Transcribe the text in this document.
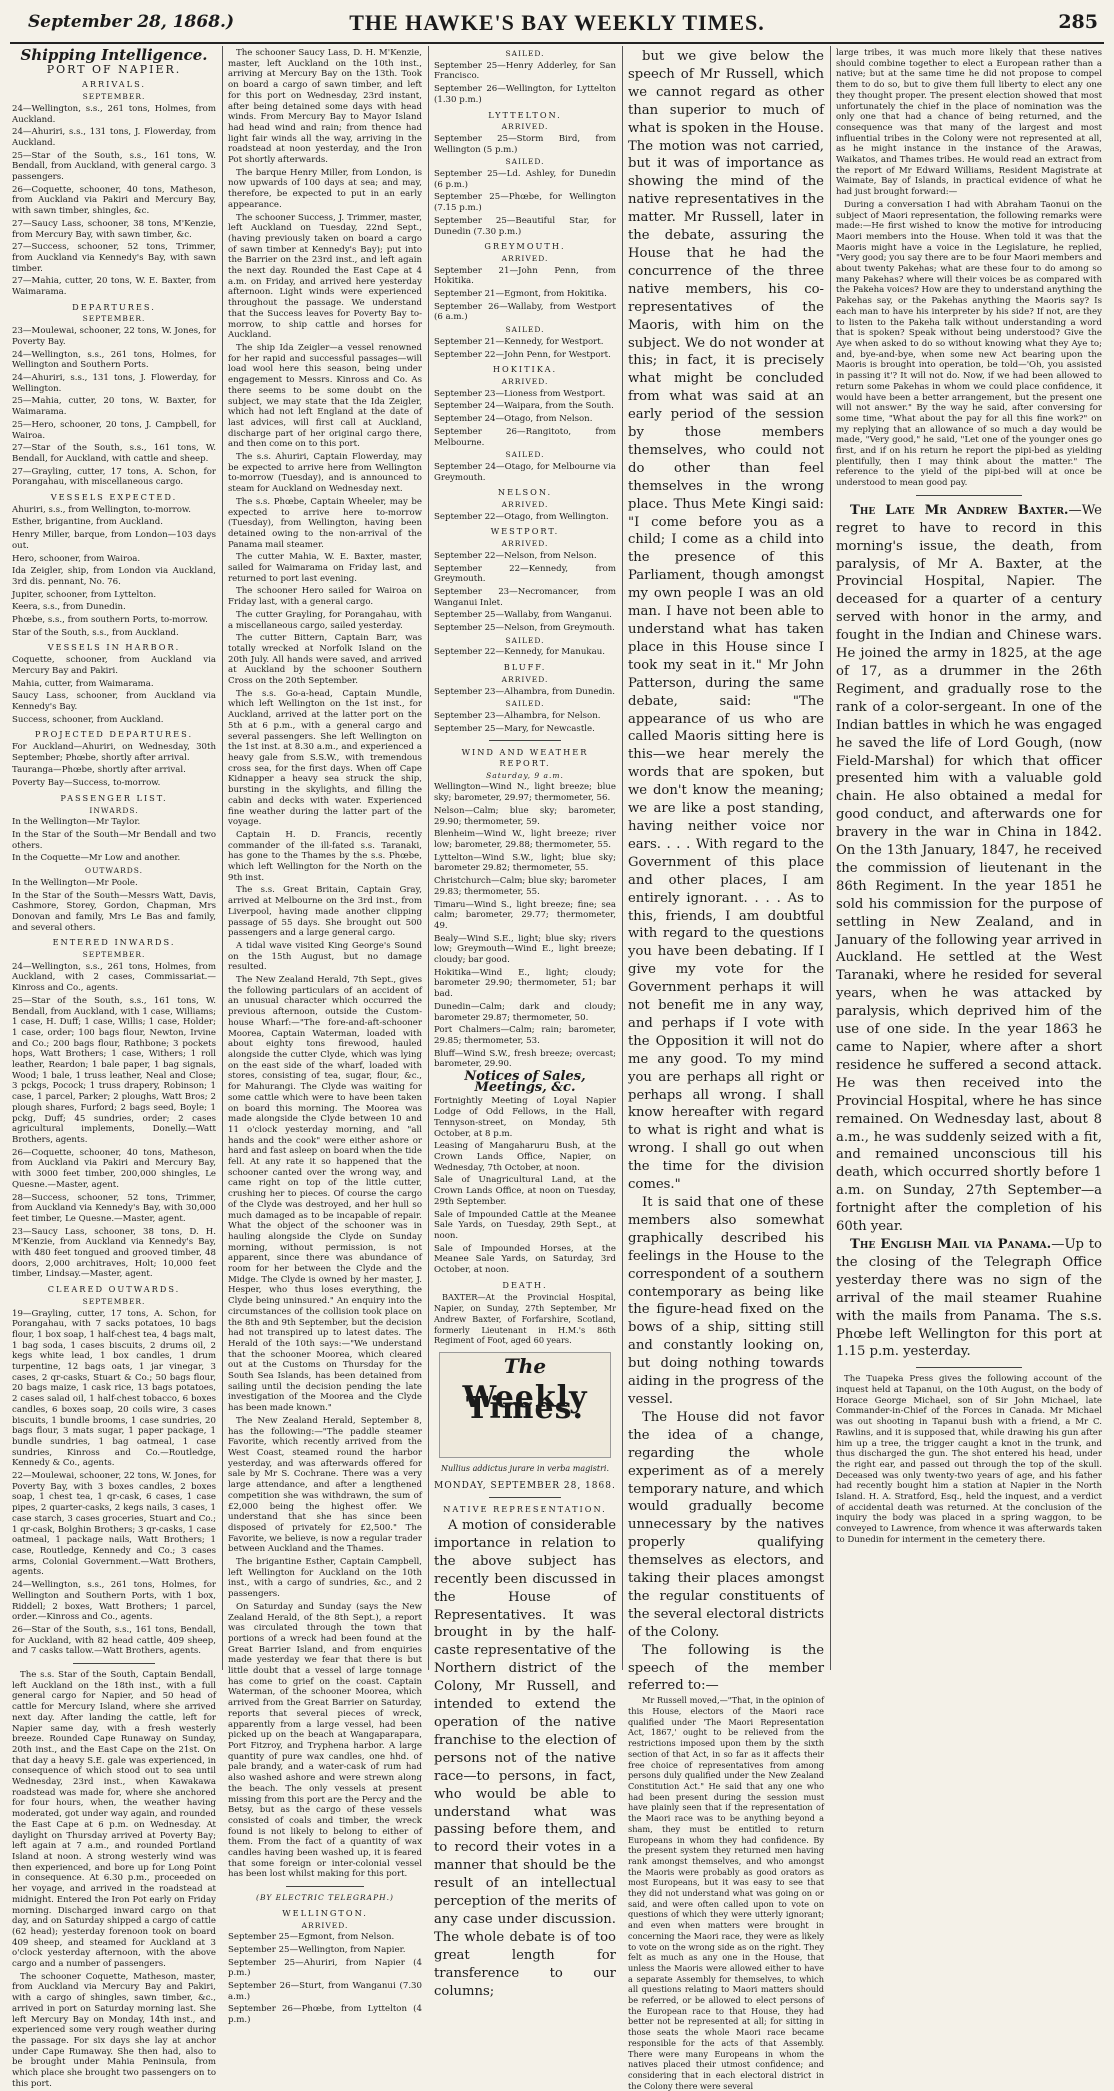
September 28, 1868.)	THE HAWKE'S BAY WEEKLY TIMES.	285
Shipping Intelligence.
PORT OF NAPIER.
ARRIVALS.
SEPTEMBER.

24—Wellington, s.s., 261 tons, Holmes, from Auckland.

24—Ahuriri, s.s., 131 tons, J. Flowerday, from Auckland.

25—Star of the South, s.s., 161 tons, W. Bendall, from Auckland, with general cargo. 3 passengers.

26—Coquette, schooner, 40 tons, Matheson, from Auckland via Pakiri and Mercury Bay, with sawn timber, shingles, &c.

27—Saucy Lass, schooner, 38 tons, M'Kenzie, from Mercury Bay, with sawn timber, &c.

27—Success, schooner, 52 tons, Trimmer, from Auckland via Kennedy's Bay, with sawn timber.

27—Mahia, cutter, 20 tons, W. E. Baxter, from Waimarama.

DEPARTURES.
SEPTEMBER.

23—Moulewai, schooner, 22 tons, W. Jones, for Poverty Bay.

24—Wellington, s.s., 261 tons, Holmes, for Wellington and Southern Ports.

24—Ahuriri, s.s., 131 tons, J. Flowerday, for Wellington.

25—Mahia, cutter, 20 tons, W. Baxter, for Waimarama.

25—Hero, schooner, 20 tons, J. Campbell, for Wairoa.

27—Star of the South, s.s., 161 tons, W. Bendall, for Auckland, with cattle and sheep.

27—Grayling, cutter, 17 tons, A. Schon, for Porangahau, with miscellaneous cargo.

VESSELS EXPECTED.

Ahuriri, s.s., from Wellington, to-morrow.

Esther, brigantine, from Auckland.

Henry Miller, barque, from London—103 days out.

Hero, schooner, from Wairoa.

Ida Zeigler, ship, from London via Auckland, 3rd dis. pennant, No. 76.

Jupiter, schooner, from Lyttelton.

Keera, s.s., from Dunedin.

Phœbe, s.s., from southern Ports, to-morrow.

Star of the South, s.s., from Auckland.

VESSELS IN HARBOR.

Coquette, schooner, from Auckland via Mercury Bay and Pakiri.

Mahia, cutter, from Waimarama.

Saucy Lass, schooner, from Auckland via Kennedy's Bay.

Success, schooner, from Auckland.

PROJECTED DEPARTURES.

For Auckland—Ahuriri, on Wednesday, 30th September; Phœbe, shortly after arrival.

Tauranga—Phœbe, shortly after arrival.

Poverty Bay—Success, to-morrow.

PASSENGER LIST.
INWARDS.

In the Wellington—Mr Taylor.

In the Star of the South—Mr Bendall and two others.

In the Coquette—Mr Low and another.

OUTWARDS.

In the Wellington—Mr Poole.

In the Star of the South—Messrs Watt, Davis, Cashmore, Storey, Gordon, Chapman, Mrs Donovan and family, Mrs Le Bas and family, and several others.

ENTERED INWARDS.
SEPTEMBER.

24—Wellington, s.s., 261 tons, Holmes, from Auckland, with 2 cases, Commissariat.—Kinross and Co., agents.

25—Star of the South, s.s., 161 tons, W. Bendall, from Auckland, with 1 case, Williams; 1 case, H. Duff; 1 case, Willis; 1 case, Holder; 1 case, order; 100 bags flour, Newton, Irvine and Co.; 200 bags flour, Rathbone; 3 pockets hops, Watt Brothers; 1 case, Withers; 1 roll leather, Reardon; 1 bale paper, 1 bag signals, Wood; 1 bale, 1 truss leather, Neal and Close; 3 pckgs, Pocock; 1 truss drapery, Robinson; 1 case, 1 parcel, Parker; 2 ploughs, Watt Bros; 2 plough shares, Furford; 2 bags seed, Boyle; 1 pckg, Duff; 45 sundries, order; 2 cases agricultural implements, Donelly.—Watt Brothers, agents.

26—Coquette, schooner, 40 tons, Matheson, from Auckland via Pakiri and Mercury Bay, with 3000 feet timber, 200,000 shingles, Le Quesne.—Master, agent.

28—Success, schooner, 52 tons, Trimmer, from Auckland via Kennedy's Bay, with 30,000 feet timber, Le Quesne.—Master, agent.

23—Saucy Lass, schooner, 38 tons, D. H. M'Kenzie, from Auckland via Kennedy's Bay, with 480 feet tongued and grooved timber, 48 doors, 2,000 architraves, Holt; 10,000 feet timber, Lindsay.—Master, agent.

CLEARED OUTWARDS.
SEPTEMBER.

19—Grayling, cutter, 17 tons, A. Schon, for Porangahau, with 7 sacks potatoes, 10 bags flour, 1 box soap, 1 half-chest tea, 4 bags malt, 1 bag soda, 1 cases biscuits, 2 drums oil, 2 kegs white lead, 1 box candles, 1 drum turpentine, 12 bags oats, 1 jar vinegar, 3 cases, 2 qr-casks, Stuart & Co.; 50 bags flour, 20 bags maize, 1 cask rice, 13 bags potatoes, 2 cases salad oil, 1 half-chest tobacco, 6 boxes candles, 6 boxes soap, 20 coils wire, 3 cases biscuits, 1 bundle brooms, 1 case sundries, 20 bags flour, 3 mats sugar, 1 paper package, 1 bundle sundries, 1 bag oatmeal, 1 case sundries, Kinross and Co.—Routledge, Kennedy & Co., agents.

22—Moulewai, schooner, 22 tons, W. Jones, for Poverty Bay, with 3 boxes candles, 2 boxes soap, 1 chest tea, 1 qr-cask, 6 cases, 1 case pipes, 2 quarter-casks, 2 kegs nails, 3 cases, 1 case starch, 3 cases groceries, Stuart and Co.; 1 qr-cask, Bolghin Brothers; 3 qr-casks, 1 case oatmeal, 1 package nails, Watt Brothers; 1 case, Routledge, Kennedy and Co.; 3 cases arms, Colonial Government.—Watt Brothers, agents.

24—Wellington, s.s., 261 tons, Holmes, for Wellington and Southern Ports, with 1 box, Riddell; 2 boxes, Watt Brothers; 1 parcel, order.—Kinross and Co., agents.

26—Star of the South, s.s., 161 tons, Bendall, for Auckland, with 82 head cattle, 409 sheep, and 7 casks tallow.—Watt Brothers, agents.

The s.s. Star of the South, Captain Bendall, left Auckland on the 18th inst., with a full general cargo for Napier, and 50 head of cattle for Mercury Island, where she arrived next day. After landing the cattle, left for Napier same day, with a fresh westerly breeze. Rounded Cape Runaway on Sunday, 20th inst., and the East Cape on the 21st. On that day a heavy S.E. gale was experienced, in consequence of which stood out to sea until Wednesday, 23rd inst., when Kawakawa roadstead was made for, where she anchored for four hours, when, the weather having moderated, got under way again, and rounded the East Cape at 6 p.m. on Wednesday. At daylight on Thursday arrived at Poverty Bay; left again at 7 a.m., and rounded Portland Island at noon. A strong westerly wind was then experienced, and bore up for Long Point in consequence. At 6.30 p.m., proceeded on her voyage, and arrived in the roadstead at midnight. Entered the Iron Pot early on Friday morning. Discharged inward cargo on that day, and on Saturday shipped a cargo of cattle (62 head); yesterday forenoon took on board 409 sheep, and steamed for Auckland at 3 o'clock yesterday afternoon, with the above cargo and a number of passengers.

The schooner Coquette, Matheson, master, from Auckland via Mercury Bay and Pakiri, with a cargo of shingles, sawn timber, &c., arrived in port on Saturday morning last. She left Mercury Bay on Monday, 14th inst., and experienced some very rough weather during the passage. For six days she lay at anchor under Cape Rumaway. She then had, also to be brought under Mahia Peninsula, from which place she brought two passengers on to this port.

The schooner Saucy Lass, D. H. M'Kenzie, master, left Auckland on the 10th inst., arriving at Mercury Bay on the 13th. Took on board a cargo of sawn timber, and left for this port on Wednesday, 23rd instant, after being detained some days with head winds. From Mercury Bay to Mayor Island had head wind and rain; from thence had light fair winds all the way, arriving in the roadstead at noon yesterday, and the Iron Pot shortly afterwards.

The barque Henry Miller, from London, is now upwards of 100 days at sea; and may, therefore, be expected to put in an early appearance.

The schooner Success, J. Trimmer, master, left Auckland on Tuesday, 22nd Sept., (having previously taken on board a cargo of sawn timber at Kennedy's Bay); put into the Barrier on the 23rd inst., and left again the next day. Rounded the East Cape at 4 a.m. on Friday, and arrived here yesterday afternoon. Light winds were experienced throughout the passage. We understand that the Success leaves for Poverty Bay to-morrow, to ship cattle and horses for Auckland.

The ship Ida Zeigler—a vessel renowned for her rapid and successful passages—will load wool here this season, being under engagement to Messrs. Kinross and Co. As there seems to be some doubt on the subject, we may state that the Ida Zeigler, which had not left England at the date of last advices, will first call at Auckland, discharge part of her original cargo there, and then come on to this port.

The s.s. Ahuriri, Captain Flowerday, may be expected to arrive here from Wellington to-morrow (Tuesday), and is announced to steam for Auckland on Wednesday next.

The s.s. Phœbe, Captain Wheeler, may be expected to arrive here to-morrow (Tuesday), from Wellington, having been detained owing to the non-arrival of the Panama mail steamer.

The cutter Mahia, W. E. Baxter, master, sailed for Waimarama on Friday last, and returned to port last evening.

The schooner Hero sailed for Wairoa on Friday last, with a general cargo.

The cutter Grayling, for Porangahau, with a miscellaneous cargo, sailed yesterday.

The cutter Bittern, Captain Barr, was totally wrecked at Norfolk Island on the 20th July. All hands were saved, and arrived at Auckland by the schooner Southern Cross on the 20th September.

The s.s. Go-a-head, Captain Mundle, which left Wellington on the 1st inst., for Auckland, arrived at the latter port on the 5th at 6 p.m., with a general cargo and several passengers. She left Wellington on the 1st inst. at 8.30 a.m., and experienced a heavy gale from S.S.W., with tremendous cross sea, for the first days. When off Cape Kidnapper a heavy sea struck the ship, bursting in the skylights, and filling the cabin and decks with water. Experienced fine weather during the latter part of the voyage.

Captain H. D. Francis, recently commander of the ill-fated s.s. Taranaki, has gone to the Thames by the s.s. Phœbe, which left Wellington for the North on the 9th inst.

The s.s. Great Britain, Captain Gray, arrived at Melbourne on the 3rd inst., from Liverpool, having made another clipping passage of 55 days. She brought out 500 passengers and a large general cargo.

A tidal wave visited King George's Sound on the 15th August, but no damage resulted.

The New Zealand Herald, 7th Sept., gives the following particulars of an accident of an unusual character which occurred the previous afternoon, outside the Custom-house Wharf:—"The fore-and-aft-schooner Moorea, Captain Waterman, loaded with about eighty tons firewood, hauled alongside the cutter Clyde, which was lying on the east side of the wharf, loaded with stores, consisting of tea, sugar, flour, &c., for Mahurangi. The Clyde was waiting for some cattle which were to have been taken on board this morning. The Moorea was made alongside the Clyde between 10 and 11 o'clock yesterday morning, and "all hands and the cook" were either ashore or hard and fast asleep on board when the tide fell. At any rate it so happened that the schooner canted over the wrong way, and came right on top of the little cutter, crushing her to pieces. Of course the cargo of the Clyde was destroyed, and her hull so much damaged as to be incapable of repair. What the object of the schooner was in hauling alongside the Clyde on Sunday morning, without permission, is not apparent, since there was abundance of room for her between the Clyde and the Midge. The Clyde is owned by her master, J. Hesper, who thus loses everything, the Clyde being uninsured." An enquiry into the circumstances of the collision took place on the 8th and 9th September, but the decision had not transpired up to latest dates. The Herald of the 10th says:—"We understand that the schooner Moorea, which cleared out at the Customs on Thursday for the South Sea Islands, has been detained from sailing until the decision pending the late investigation of the Moorea and the Clyde has been made known."

The New Zealand Herald, September 8, has the following:—"The paddle steamer Favorite, which recently arrived from the West Coast, steamed round the harbor yesterday, and was afterwards offered for sale by Mr S. Cochrane. There was a very large attendance, and after a lengthened competition she was withdrawn, the sum of £2,000 being the highest offer. We understand that she has since been disposed of privately for £2,500." The Favorite, we believe, is now a regular trader between Auckland and the Thames.

The brigantine Esther, Captain Campbell, left Wellington for Auckland on the 10th inst., with a cargo of sundries, &c., and 2 passengers.

On Saturday and Sunday (says the New Zealand Herald, of the 8th Sept.), a report was circulated through the town that portions of a wreck had been found at the Great Barrier Island, and from enquiries made yesterday we fear that there is but little doubt that a vessel of large tonnage has come to grief on the coast. Captain Waterman, of the schooner Moorea, which arrived from the Great Barrier on Saturday, reports that several pieces of wreck, apparently from a large vessel, had been picked up on the beach at Wangaparapara, Port Fitzroy, and Tryphena harbor. A large quantity of pure wax candles, one hhd. of pale brandy, and a water-cask of rum had also washed ashore and were strewn along the beach. The only vessels at present missing from this port are the Percy and the Betsy, but as the cargo of these vessels consisted of coals and timber, the wreck found is not likely to belong to either of them. From the fact of a quantity of wax candles having been washed up, it is feared that some foreign or inter-colonial vessel has been lost whilst making for this port.

(BY ELECTRIC TELEGRAPH.)
WELLINGTON.
ARRIVED.

September 25—Egmont, from Nelson.

September 25—Wellington, from Napier.

September 25—Ahuriri, from Napier (4 p.m.)

September 26—Sturt, from Wanganui (7.30 a.m.)

September 26—Phœbe, from Lyttelton (4 p.m.)

SAILED.

September 25—Henry Adderley, for San Francisco.

September 26—Wellington, for Lyttelton (1.30 p.m.)

LYTTELTON.
ARRIVED.

September 25—Storm Bird, from Wellington (5 p.m.)

SAILED.

September 25—Ld. Ashley, for Dunedin (6 p.m.)

September 25—Phœbe, for Wellington (7.15 p.m.)

September 25—Beautiful Star, for Dunedin (7.30 p.m.)

GREYMOUTH.
ARRIVED.

September 21—John Penn, from Hokitika.

September 21—Egmont, from Hokitika.

September 26—Wallaby, from Westport (6 a.m.)

SAILED.

September 21—Kennedy, for Westport.

September 22—John Penn, for Westport.

HOKITIKA.
ARRIVED.

September 23—Lioness from Westport.

September 24—Waipara, from the South.

September 24—Otago, from Nelson.

September 26—Rangitoto, from Melbourne.

SAILED.

September 24—Otago, for Melbourne via Greymouth.

NELSON.
ARRIVED.

September 22—Otago, from Wellington.

WESTPORT.
ARRIVED.

September 22—Nelson, from Nelson.

September 22—Kennedy, from Greymouth.

September 23—Necromancer, from Wanganui Inlet.

September 25—Wallaby, from Wanganui.

September 25—Nelson, from Greymouth.

SAILED.

September 22—Kennedy, for Manukau.

BLUFF.
ARRIVED.

September 23—Alhambra, from Dunedin.

SAILED.

September 23—Alhambra, for Nelson.

September 25—Mary, for Newcastle.

WIND AND WEATHER REPORT.
Saturday, 9 a.m.

Wellington—Wind N., light breeze; blue sky; barometer, 29.97; thermometer, 56.

Nelson—Calm; blue sky; barometer, 29.90; thermometer, 59.

Blenheim—Wind W., light breeze; river low; barometer, 29.88; thermometer, 55.

Lyttelton—Wind S.W., light; blue sky; barometer 29.82; thermometer, 55.

Christchurch—Calm; blue sky; barometer 29.83; thermometer, 55.

Timaru—Wind S., light breeze; fine; sea calm; barometer, 29.77; thermometer, 49.

Bealy—Wind S.E., light; blue sky; rivers low; Greymouth—Wind E., light breeze; cloudy; bar good.

Hokitika—Wind E., light; cloudy; barometer 29.90; thermometer, 51; bar bad.

Dunedin—Calm; dark and cloudy; barometer 29.87; thermometer, 50.

Port Chalmers—Calm; rain; barometer, 29.85; thermometer, 53.

Bluff—Wind S.W., fresh breeze; overcast; barometer, 29.90.

Notices of Sales, Meetings, &c.

Fortnightly Meeting of Loyal Napier Lodge of Odd Fellows, in the Hall, Tennyson-street, on Monday, 5th October, at 8 p.m.

Leasing of Mangaharuru Bush, at the Crown Lands Office, Napier, on Wednesday, 7th October, at noon.

Sale of Unagricultural Land, at the Crown Lands Office, at noon on Tuesday, 29th September.

Sale of Impounded Cattle at the Meanee Sale Yards, on Tuesday, 29th Sept., at noon.

Sale of Impounded Horses, at the Meanee Sale Yards, on Saturday, 3rd October, at noon.

DEATH.

BAXTER—At the Provincial Hospital, Napier, on Sunday, 27th September, Mr Andrew Baxter, of Forfarshire, Scotland, formerly Lieutenant in H.M.'s 86th Regiment of Foot, aged 60 years.

The
Weekly Times.
Nullius addictus jurare in verba magistri.
MONDAY, SEPTEMBER 28, 1868.
NATIVE REPRESENTATION.

A motion of considerable importance in relation to the above subject has recently been discussed in the House of Representatives. It was brought in by the half-caste representative of the Northern district of the Colony, Mr Russell, and intended to extend the operation of the native franchise to the election of persons not of the native race—to persons, in fact, who would be able to understand what was passing before them, and to record their votes in a manner that should be the result of an intellectual perception of the merits of any case under discussion. The whole debate is of too great length for transference to our columns;

but we give below the speech of Mr Russell, which we cannot regard as other than superior to much of what is spoken in the House. The motion was not carried, but it was of importance as showing the mind of the native representatives in the matter. Mr Russell, later in the debate, assuring the House that he had the concurrence of the three native members, his co-representatives of the Maoris, with him on the subject. We do not wonder at this; in fact, it is precisely what might be concluded from what was said at an early period of the session by those members themselves, who could not do other than feel themselves in the wrong place. Thus Mete Kingi said: "I come before you as a child; I come as a child into the presence of this Parliament, though amongst my own people I was an old man. I have not been able to understand what has taken place in this House since I took my seat in it." Mr John Patterson, during the same debate, said: "The appearance of us who are called Maoris sitting here is this—we hear merely the words that are spoken, but we don't know the meaning; we are like a post standing, having neither voice nor ears. . . . With regard to the Government of this place and other places, I am entirely ignorant. . . . As to this, friends, I am doubtful with regard to the questions you have been debating. If I give my vote for the Government perhaps it will not benefit me in any way, and perhaps if I vote with the Opposition it will not do me any good. To my mind you are perhaps all right or perhaps all wrong. I shall know hereafter with regard to what is right and what is wrong. I shall go out when the time for the division comes."

It is said that one of these members also somewhat graphically described his feelings in the House to the correspondent of a southern contemporary as being like the figure-head fixed on the bows of a ship, sitting still and constantly looking on, but doing nothing towards aiding in the progress of the vessel.

The House did not favor the idea of a change, regarding the whole experiment as of a merely temporary nature, and which would gradually become unnecessary by the natives properly qualifying themselves as electors, and taking their places amongst the regular constituents of the several electoral districts of the Colony.

The following is the speech of the member referred to:—

Mr Russell moved,—"That, in the opinion of this House, electors of the Maori race qualified under 'The Maori Representation Act, 1867,' ought to be relieved from the restrictions imposed upon them by the sixth section of that Act, in so far as it affects their free choice of representatives from among persons duly qualified under the New Zealand Constitution Act." He said that any one who had been present during the session must have plainly seen that if the representation of the Maori race was to be anything beyond a sham, they must be entitled to return Europeans in whom they had confidence. By the present system they returned men having rank amongst themselves, and who amongst the Maoris were probably as good orators as most Europeans, but it was easy to see that they did not understand what was going on or said, and were often called upon to vote on questions of which they were utterly ignorant; and even when matters were brought in concerning the Maori race, they were as likely to vote on the wrong side as on the right. They felt as much as any one in the House, that unless the Maoris were allowed either to have a separate Assembly for themselves, to which all questions relating to Maori matters should be referred, or be allowed to elect persons of the European race to that House, they had better not be represented at all; for sitting in those seats the whole Maori race became responsible for the acts of that Assembly. There were many Europeans in whom the natives placed their utmost confidence; and considering that in each electoral district in the Colony there were several

large tribes, it was much more likely that these natives should combine together to elect a European rather than a native; but at the same time he did not propose to compel them to do so, but to give them full liberty to elect any one they thought proper. The present election showed that most unfortunately the chief in the place of nomination was the only one that had a chance of being returned, and the consequence was that many of the largest and most influential tribes in the Colony were not represented at all, as he might instance in the instance of the Arawas, Waikatos, and Thames tribes. He would read an extract from the report of Mr Edward Williams, Resident Magistrate at Waimate, Bay of Islands, in practical evidence of what he had just brought forward:—

During a conversation I had with Abraham Taonui on the subject of Maori representation, the following remarks were made:—He first wished to know the motive for introducing Maori members into the House. When told it was that the Maoris might have a voice in the Legislature, he replied, "Very good; you say there are to be four Maori members and about twenty Pakehas; what are these four to do among so many Pakehas? where will their voices be as compared with the Pakeha voices? How are they to understand anything the Pakehas say, or the Pakehas anything the Maoris say? Is each man to have his interpreter by his side? If not, are they to listen to the Pakeha talk without understanding a word that is spoken? Speak without being understood? Give the Aye when asked to do so without knowing what they Aye to; and, bye-and-bye, when some new Act bearing upon the Maoris is brought into operation, be told—'Oh, you assisted in passing it'? It will not do. Now, if we had been allowed to return some Pakehas in whom we could place confidence, it would have been a better arrangement, but the present one will not answer." By the way he said, after conversing for some time, "What about the pay for all this fine work?" on my replying that an allowance of so much a day would be made, "Very good," he said, "Let one of the younger ones go first, and if on his return he report the pipi-bed as yielding plentifully, then I may think about the matter." The reference to the yield of the pipi-bed will at once be understood to mean good pay.

The Late Mr Andrew Baxter.—We regret to have to record in this morning's issue, the death, from paralysis, of Mr A. Baxter, at the Provincial Hospital, Napier. The deceased for a quarter of a century served with honor in the army, and fought in the Indian and Chinese wars. He joined the army in 1825, at the age of 17, as a drummer in the 26th Regiment, and gradually rose to the rank of a color-sergeant. In one of the Indian battles in which he was engaged he saved the life of Lord Gough, (now Field-Marshal) for which that officer presented him with a valuable gold chain. He also obtained a medal for good conduct, and afterwards one for bravery in the war in China in 1842. On the 13th January, 1847, he received the commission of lieutenant in the 86th Regiment. In the year 1851 he sold his commission for the purpose of settling in New Zealand, and in January of the following year arrived in Auckland. He settled at the West Taranaki, where he resided for several years, when he was attacked by paralysis, which deprived him of the use of one side. In the year 1863 he came to Napier, where after a short residence he suffered a second attack. He was then received into the Provincial Hospital, where he has since remained. On Wednesday last, about 8 a.m., he was suddenly seized with a fit, and remained unconscious till his death, which occurred shortly before 1 a.m. on Sunday, 27th September—a fortnight after the completion of his 60th year.

The English Mail via Panama.—Up to the closing of the Telegraph Office yesterday there was no sign of the arrival of the mail steamer Ruahine with the mails from Panama. The s.s. Phœbe left Wellington for this port at 1.15 p.m. yesterday.

The Tuapeka Press gives the following account of the inquest held at Tapanui, on the 10th August, on the body of Horace George Michael, son of Sir John Michael, late Commander-in-Chief of the Forces in Canada. Mr Michael was out shooting in Tapanui bush with a friend, a Mr C. Rawlins, and it is supposed that, while drawing his gun after him up a tree, the trigger caught a knot in the trunk, and thus discharged the gun. The shot entered his head, under the right ear, and passed out through the top of the skull. Deceased was only twenty-two years of age, and his father had recently bought him a station at Napier in the North Island. H. A. Stratford, Esq., held the inquest, and a verdict of accidental death was returned. At the conclusion of the inquiry the body was placed in a spring waggon, to be conveyed to Lawrence, from whence it was afterwards taken to Dunedin for interment in the cemetery there.
